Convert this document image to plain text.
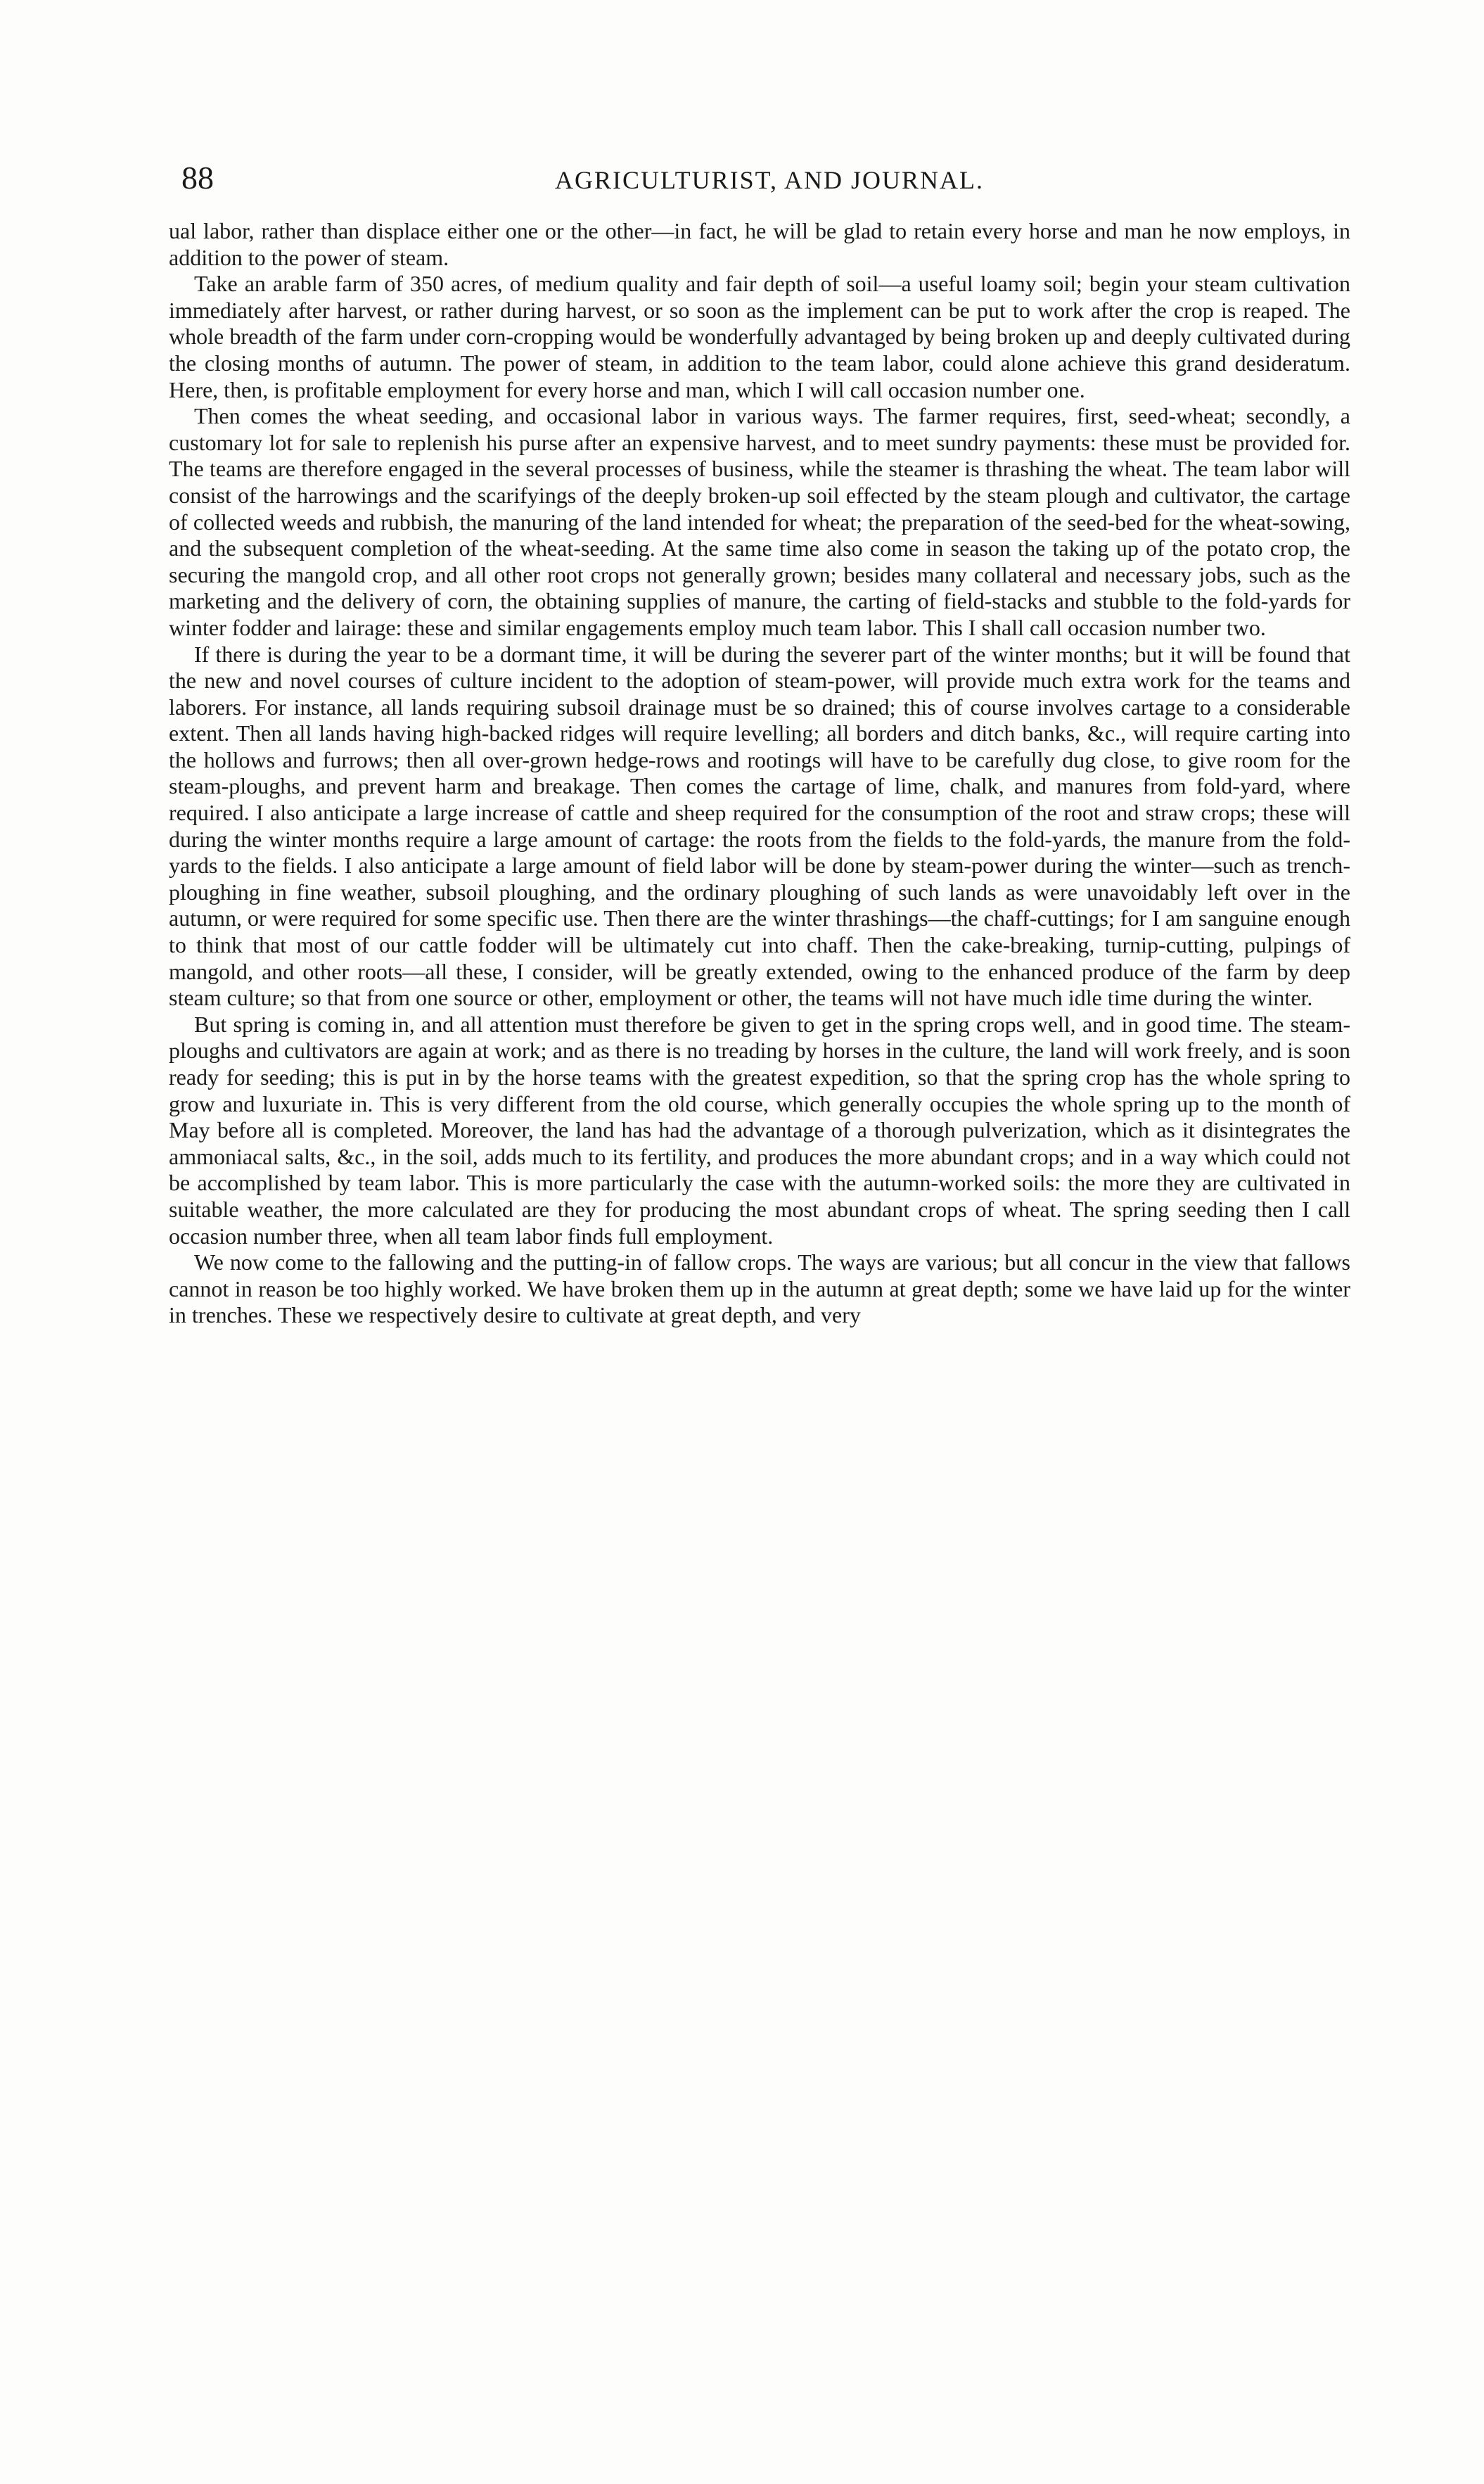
88	AGRICULTURIST, AND JOURNAL.

ual labor, rather than displace either one or the other—in fact, he will be glad to retain every horse and man he now employs, in addition to the power of steam.

Take an arable farm of 350 acres, of medium quality and fair depth of soil—a useful loamy soil; begin your steam cultivation immediately after harvest, or rather during harvest, or so soon as the implement can be put to work after the crop is reaped. The whole breadth of the farm under corn-cropping would be wonderfully advantaged by being broken up and deeply cultivated during the closing months of autumn. The power of steam, in addition to the team labor, could alone achieve this grand desideratum. Here, then, is profitable employment for every horse and man, which I will call occasion number one.

Then comes the wheat seeding, and occasional labor in various ways. The farmer requires, first, seed-wheat; secondly, a customary lot for sale to replenish his purse after an expensive harvest, and to meet sundry payments: these must be provided for. The teams are therefore engaged in the several processes of business, while the steamer is thrashing the wheat. The team labor will consist of the harrowings and the scarifyings of the deeply broken-up soil effected by the steam plough and cultivator, the cartage of collected weeds and rubbish, the manuring of the land intended for wheat; the preparation of the seed-bed for the wheat-sowing, and the subsequent completion of the wheat-seeding. At the same time also come in season the taking up of the potato crop, the securing the mangold crop, and all other root crops not generally grown; besides many collateral and necessary jobs, such as the marketing and the delivery of corn, the obtaining supplies of manure, the carting of field-stacks and stubble to the fold-yards for winter fodder and lairage: these and similar engagements employ much team labor. This I shall call occasion number two.

If there is during the year to be a dormant time, it will be during the severer part of the winter months; but it will be found that the new and novel courses of culture incident to the adoption of steam-power, will provide much extra work for the teams and laborers. For instance, all lands requiring subsoil drainage must be so drained; this of course involves cartage to a considerable extent. Then all lands having high-backed ridges will require levelling; all borders and ditch banks, &c., will require carting into the hollows and furrows; then all over-grown hedge-rows and rootings will have to be carefully dug close, to give room for the steam-ploughs, and prevent harm and breakage. Then comes the cartage of lime, chalk, and manures from fold-yard, where required. I also anticipate a large increase of cattle and sheep required for the consumption of the root and straw crops; these will during the winter months require a large amount of cartage: the roots from the fields to the fold-yards, the manure from the fold-yards to the fields. I also anticipate a large amount of field labor will be done by steam-power during the winter—such as trench-ploughing in fine weather, subsoil ploughing, and the ordinary ploughing of such lands as were unavoidably left over in the autumn, or were required for some specific use. Then there are the winter thrashings—the chaff-cuttings; for I am sanguine enough to think that most of our cattle fodder will be ultimately cut into chaff. Then the cake-breaking, turnip-cutting, pulpings of mangold, and other roots—all these, I consider, will be greatly extended, owing to the enhanced produce of the farm by deep steam culture; so that from one source or other, employment or other, the teams will not have much idle time during the winter.

But spring is coming in, and all attention must therefore be given to get in the spring crops well, and in good time. The steam-ploughs and cultivators are again at work; and as there is no treading by horses in the culture, the land will work freely, and is soon ready for seeding; this is put in by the horse teams with the greatest expedition, so that the spring crop has the whole spring to grow and luxuriate in. This is very different from the old course, which generally occupies the whole spring up to the month of May before all is completed. Moreover, the land has had the advantage of a thorough pulverization, which as it disintegrates the ammoniacal salts, &c., in the soil, adds much to its fertility, and produces the more abundant crops; and in a way which could not be accomplished by team labor. This is more particularly the case with the autumn-worked soils: the more they are cultivated in suitable weather, the more calculated are they for producing the most abundant crops of wheat. The spring seeding then I call occasion number three, when all team labor finds full employment.

We now come to the fallowing and the putting-in of fallow crops. The ways are various; but all concur in the view that fallows cannot in reason be too highly worked. We have broken them up in the autumn at great depth; some we have laid up for the winter in trenches. These we respectively desire to cultivate at great depth, and very
